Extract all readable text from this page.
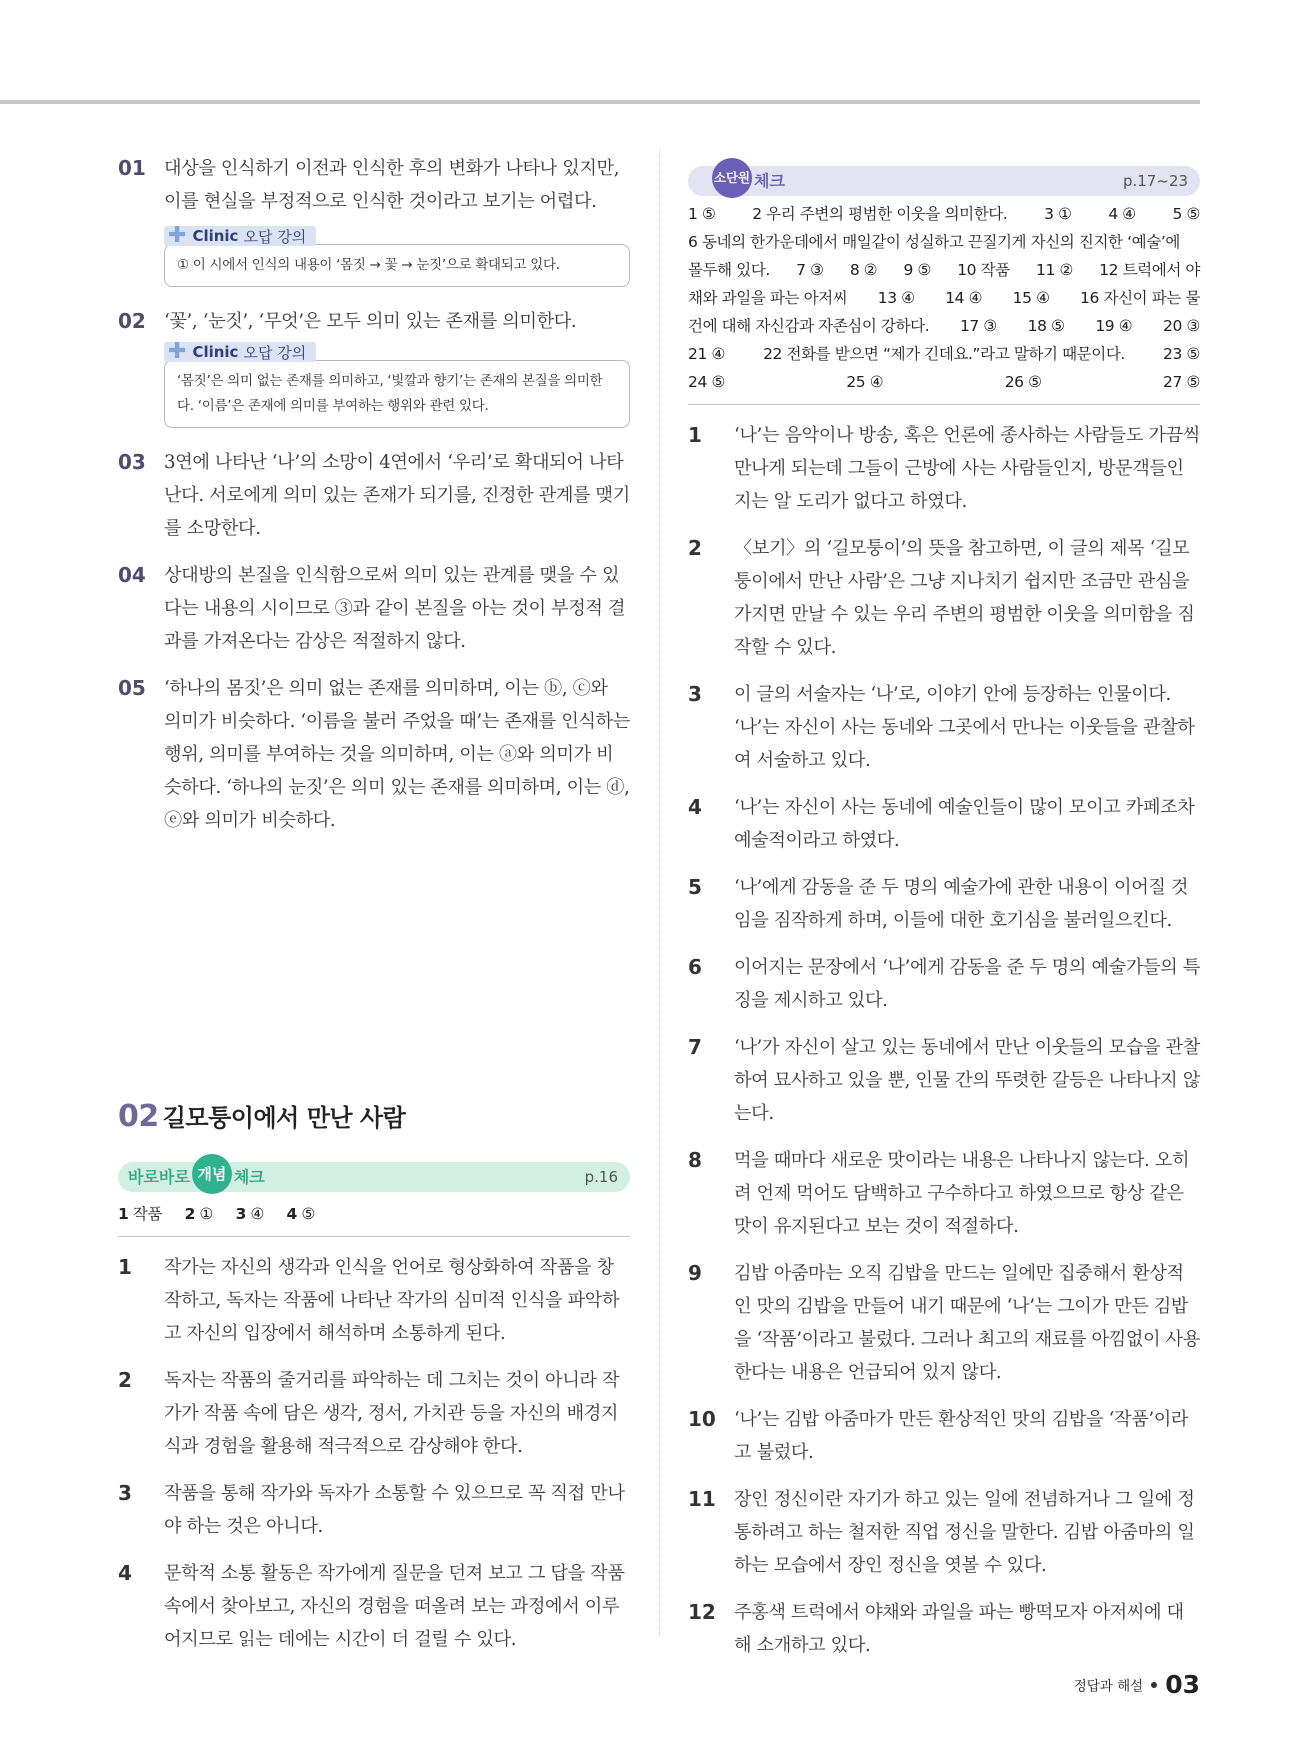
01 대상을 인식하기 이전과 인식한 후의 변화가 나타나 있지만, 이를 현실을 부정적으로 인식한 것이라고 보기는 어렵다.
✚ Clinic 오답 강의
① 이 시에서 인식의 내용이 ‘몸짓 → 꽃 → 눈짓’으로 확대되고 있다.
02 ‘꽃’, ‘눈짓’, ‘무엇’은 모두 의미 있는 존재를 의미한다.
✚ Clinic 오답 강의
‘몸짓’은 의미 없는 존재를 의미하고, ‘빛깔과 향기’는 존재의 본질을 의미한다. ‘이름’은 존재에 의미를 부여하는 행위와 관련 있다.
03 3연에 나타난 ‘나’의 소망이 4연에서 ‘우리’로 확대되어 나타난다. 서로에게 의미 있는 존재가 되기를, 진정한 관계를 맺기를 소망한다.
04 상대방의 본질을 인식함으로써 의미 있는 관계를 맺을 수 있다는 내용의 시이므로 ③과 같이 본질을 아는 것이 부정적 결과를 가져온다는 감상은 적절하지 않다.
05 ‘하나의 몸짓’은 의미 없는 존재를 의미하며, 이는 ⓑ, ⓒ와 의미가 비슷하다. ‘이름을 불러 주었을 때’는 존재를 인식하는 행위, 의미를 부여하는 것을 의미하며, 이는 ⓐ와 의미가 비슷하다. ‘하나의 눈짓’은 의미 있는 존재를 의미하며, 이는 ⓓ, ⓔ와 의미가 비슷하다.
02 길모퉁이에서 만난 사람
바로바로 개념 체크	p.16
1 작품 2 ① 3 ④ 4 ⑤
1	작가는 자신의 생각과 인식을 언어로 형상화하여 작품을 창작하고, 독자는 작품에 나타난 작가의 심미적 인식을 파악하고 자신의 입장에서 해석하며 소통하게 된다.
2	독자는 작품의 줄거리를 파악하는 데 그치는 것이 아니라 작가가 작품 속에 담은 생각, 정서, 가치관 등을 자신의 배경지식과 경험을 활용해 적극적으로 감상해야 한다.
3	작품을 통해 작가와 독자가 소통할 수 있으므로 꼭 직접 만나야 하는 것은 아니다.
4	문학적 소통 활동은 작가에게 질문을 던져 보고 그 답을 작품 속에서 찾아보고, 자신의 경험을 떠올려 보는 과정에서 이루어지므로 읽는 데에는 시간이 더 걸릴 수 있다.
소단원 체크	p.17~23
1 ⑤ 2 우리 주변의 평범한 이웃을 의미한다. 3 ① 4 ④ 5 ⑤
6 동네의 한가운데에서 매일같이 성실하고 끈질기게 자신의 진지한 ‘예술’에
몰두해 있다. 7 ③ 8 ② 9 ⑤ 10 작품 11 ② 12 트럭에서 야
채와 과일을 파는 아저씨 13 ④ 14 ④ 15 ④ 16 자신이 파는 물
건에 대해 자신감과 자존심이 강하다. 17 ③ 18 ⑤ 19 ④ 20 ③
21 ④ 22 전화를 받으면 “제가 긴데요.”라고 말하기 때문이다. 23 ⑤
24 ⑤	25 ④	26 ⑤	27 ⑤
1	‘나’는 음악이나 방송, 혹은 언론에 종사하는 사람들도 가끔씩 만나게 되는데 그들이 근방에 사는 사람들인지, 방문객들인지는 알 도리가 없다고 하였다.
2	〈보기〉의 ‘길모퉁이’의 뜻을 참고하면, 이 글의 제목 ‘길모퉁이에서 만난 사람’은 그냥 지나치기 쉽지만 조금만 관심을 가지면 만날 수 있는 우리 주변의 평범한 이웃을 의미함을 짐작할 수 있다.
3	이 글의 서술자는 ‘나’로, 이야기 안에 등장하는 인물이다. ‘나’는 자신이 사는 동네와 그곳에서 만나는 이웃들을 관찰하여 서술하고 있다.
4	‘나’는 자신이 사는 동네에 예술인들이 많이 모이고 카페조차 예술적이라고 하였다.
5	‘나’에게 감동을 준 두 명의 예술가에 관한 내용이 이어질 것임을 짐작하게 하며, 이들에 대한 호기심을 불러일으킨다.
6	이어지는 문장에서 ‘나’에게 감동을 준 두 명의 예술가들의 특징을 제시하고 있다.
7	‘나’가 자신이 살고 있는 동네에서 만난 이웃들의 모습을 관찰하여 묘사하고 있을 뿐, 인물 간의 뚜렷한 갈등은 나타나지 않는다.
8	먹을 때마다 새로운 맛이라는 내용은 나타나지 않는다. 오히려 언제 먹어도 담백하고 구수하다고 하였으므로 항상 같은 맛이 유지된다고 보는 것이 적절하다.
9	김밥 아줌마는 오직 김밥을 만드는 일에만 집중해서 환상적인 맛의 김밥을 만들어 내기 때문에 ‘나’는 그이가 만든 김밥을 ‘작품’이라고 불렀다. 그러나 최고의 재료를 아낌없이 사용한다는 내용은 언급되어 있지 않다.
10 ‘나’는 김밥 아줌마가 만든 환상적인 맛의 김밥을 ‘작품’이라고 불렀다.
11 장인 정신이란 자기가 하고 있는 일에 전념하거나 그 일에 정통하려고 하는 철저한 직업 정신을 말한다. 김밥 아줌마의 일하는 모습에서 장인 정신을 엿볼 수 있다.
12 주홍색 트럭에서 야채와 과일을 파는 빵떡모자 아저씨에 대해 소개하고 있다.
정답과 해설 03
